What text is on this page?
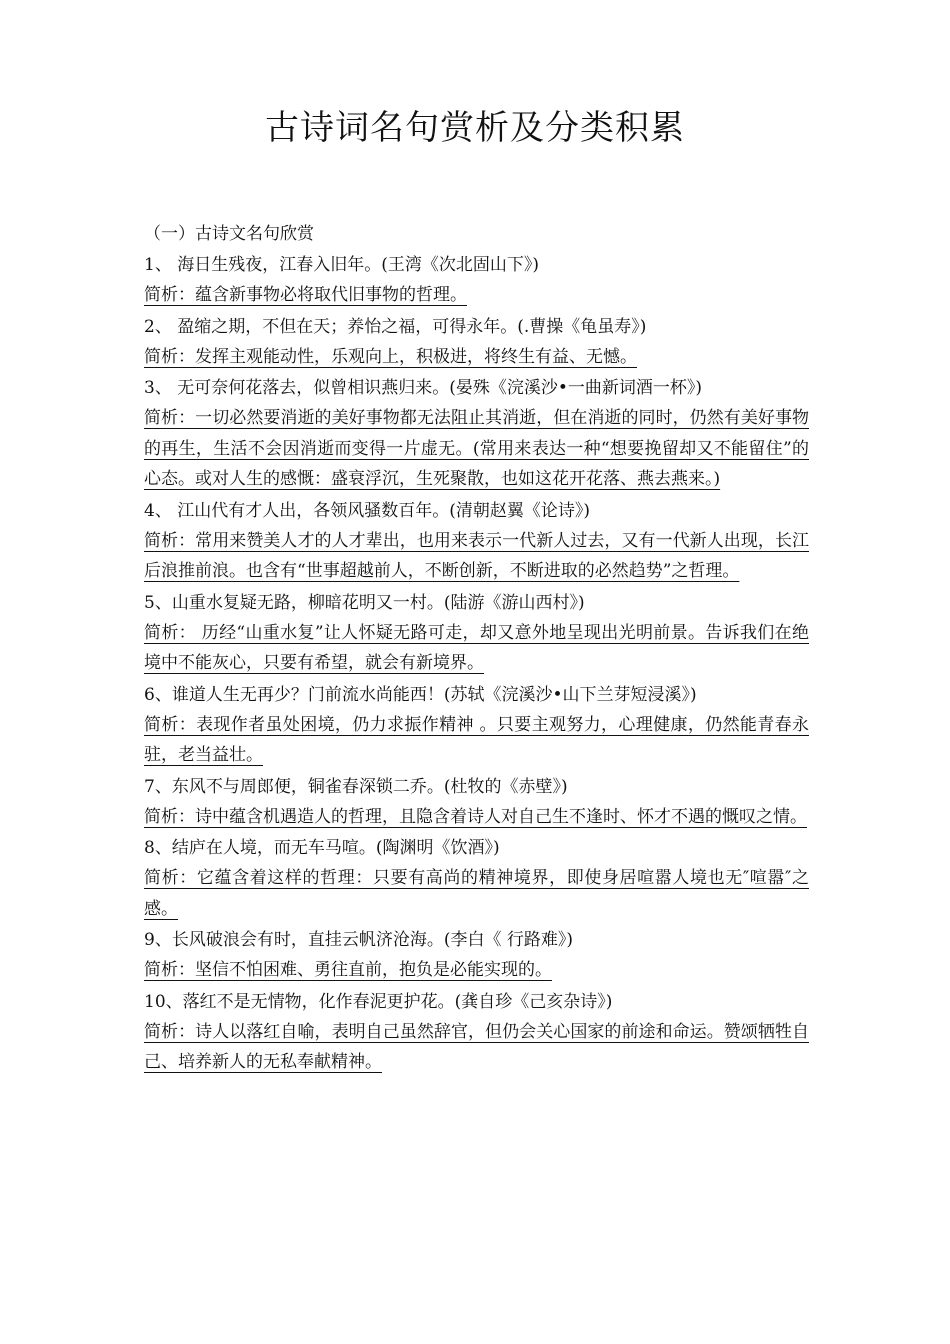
古诗词名句赏析及分类积累

（一）古诗文名句欣赏

1、 海日生残夜，江春入旧年。(王湾《次北固山下》)

简析：蕴含新事物必将取代旧事物的哲理。

2、 盈缩之期，不但在天；养怡之福，可得永年。(.曹操《龟虽寿》)

简析：发挥主观能动性，乐观向上，积极进，将终生有益、无憾。

3、 无可奈何花落去，似曾相识燕归来。(晏殊《浣溪沙•一曲新词酒一杯》)

简析：一切必然要消逝的美好事物都无法阻止其消逝，但在消逝的同时，仍然有美好事物的再生，生活不会因消逝而变得一片虚无。(常用来表达一种“想要挽留却又不能留住”的心态。或对人生的感慨：盛衰浮沉，生死聚散，也如这花开花落、燕去燕来。)

4、 江山代有才人出，各领风骚数百年。(清朝赵翼《论诗》)

简析：常用来赞美人才的人才辈出，也用来表示一代新人过去，又有一代新人出现，长江后浪推前浪。也含有“世事超越前人，不断创新，不断进取的必然趋势”之哲理。

5、山重水复疑无路，柳暗花明又一村。(陆游《游山西村》)

简析： 历经“山重水复”让人怀疑无路可走，却又意外地呈现出光明前景。告诉我们在绝境中不能灰心，只要有希望，就会有新境界。

6、谁道人生无再少？门前流水尚能西！(苏轼《浣溪沙•山下兰芽短浸溪》)

简析：表现作者虽处困境，仍力求振作精神 。只要主观努力，心理健康，仍然能青春永驻，老当益壮。

7、东风不与周郎便，铜雀春深锁二乔。(杜牧的《赤壁》)

简析：诗中蕴含机遇造人的哲理，且隐含着诗人对自己生不逢时、怀才不遇的慨叹之情。

8、结庐在人境，而无车马喧。(陶渊明《饮酒》)

简析：它蕴含着这样的哲理：只要有高尚的精神境界，即使身居喧嚣人境也无″喧嚣″之感。

9、长风破浪会有时，直挂云帆济沧海。(李白《 行路难》)

简析：坚信不怕困难、勇往直前，抱负是必能实现的。

10、落红不是无情物，化作春泥更护花。(龚自珍《己亥杂诗》)

简析：诗人以落红自喻，表明自己虽然辞官，但仍会关心国家的前途和命运。赞颂牺牲自己、培养新人的无私奉献精神。
